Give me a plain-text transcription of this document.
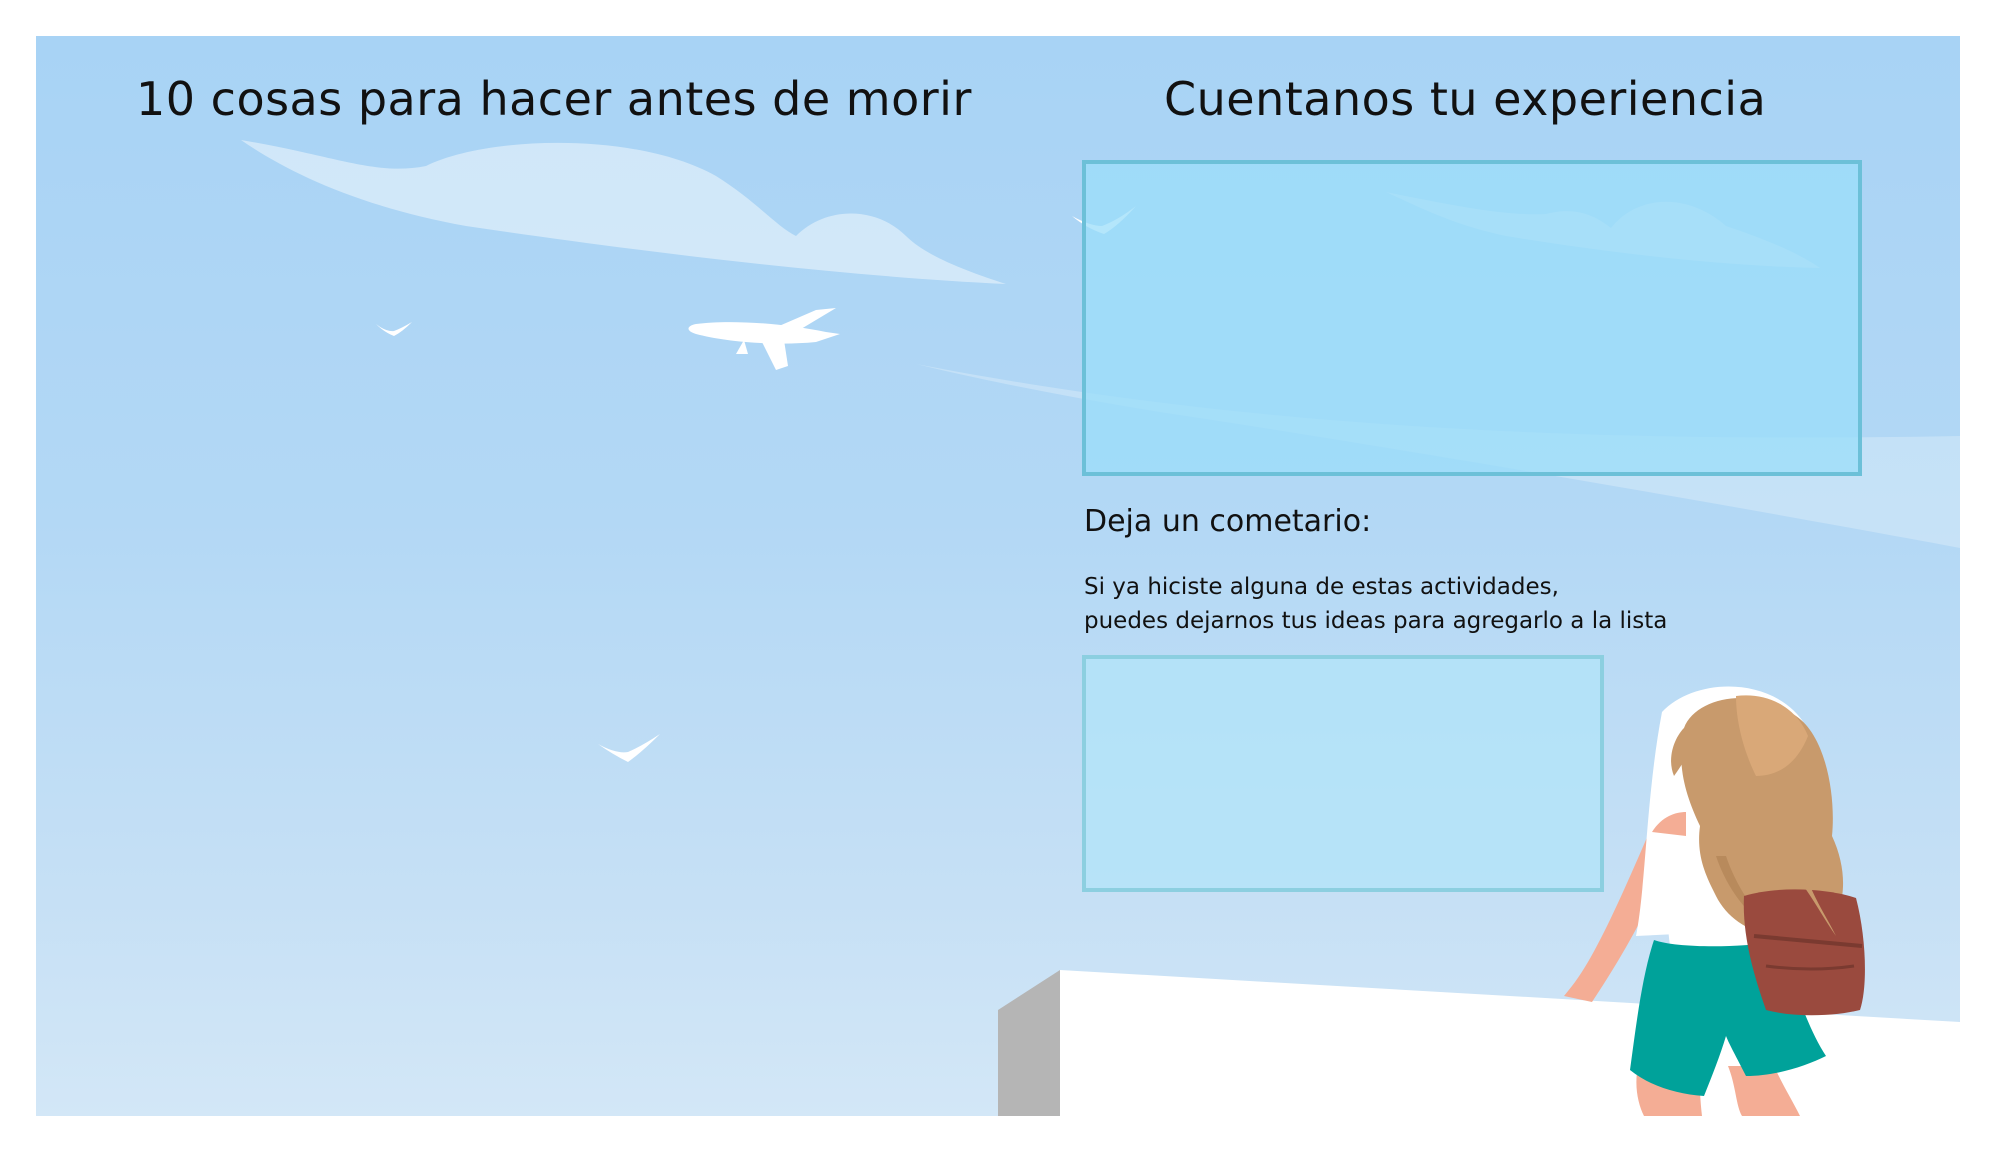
10 cosas para hacer antes de morir	Cuentanos tu experiencia
Deja un cometario:
Si ya hiciste alguna de estas actividades,
puedes dejarnos tus ideas para agregarlo a la lista
